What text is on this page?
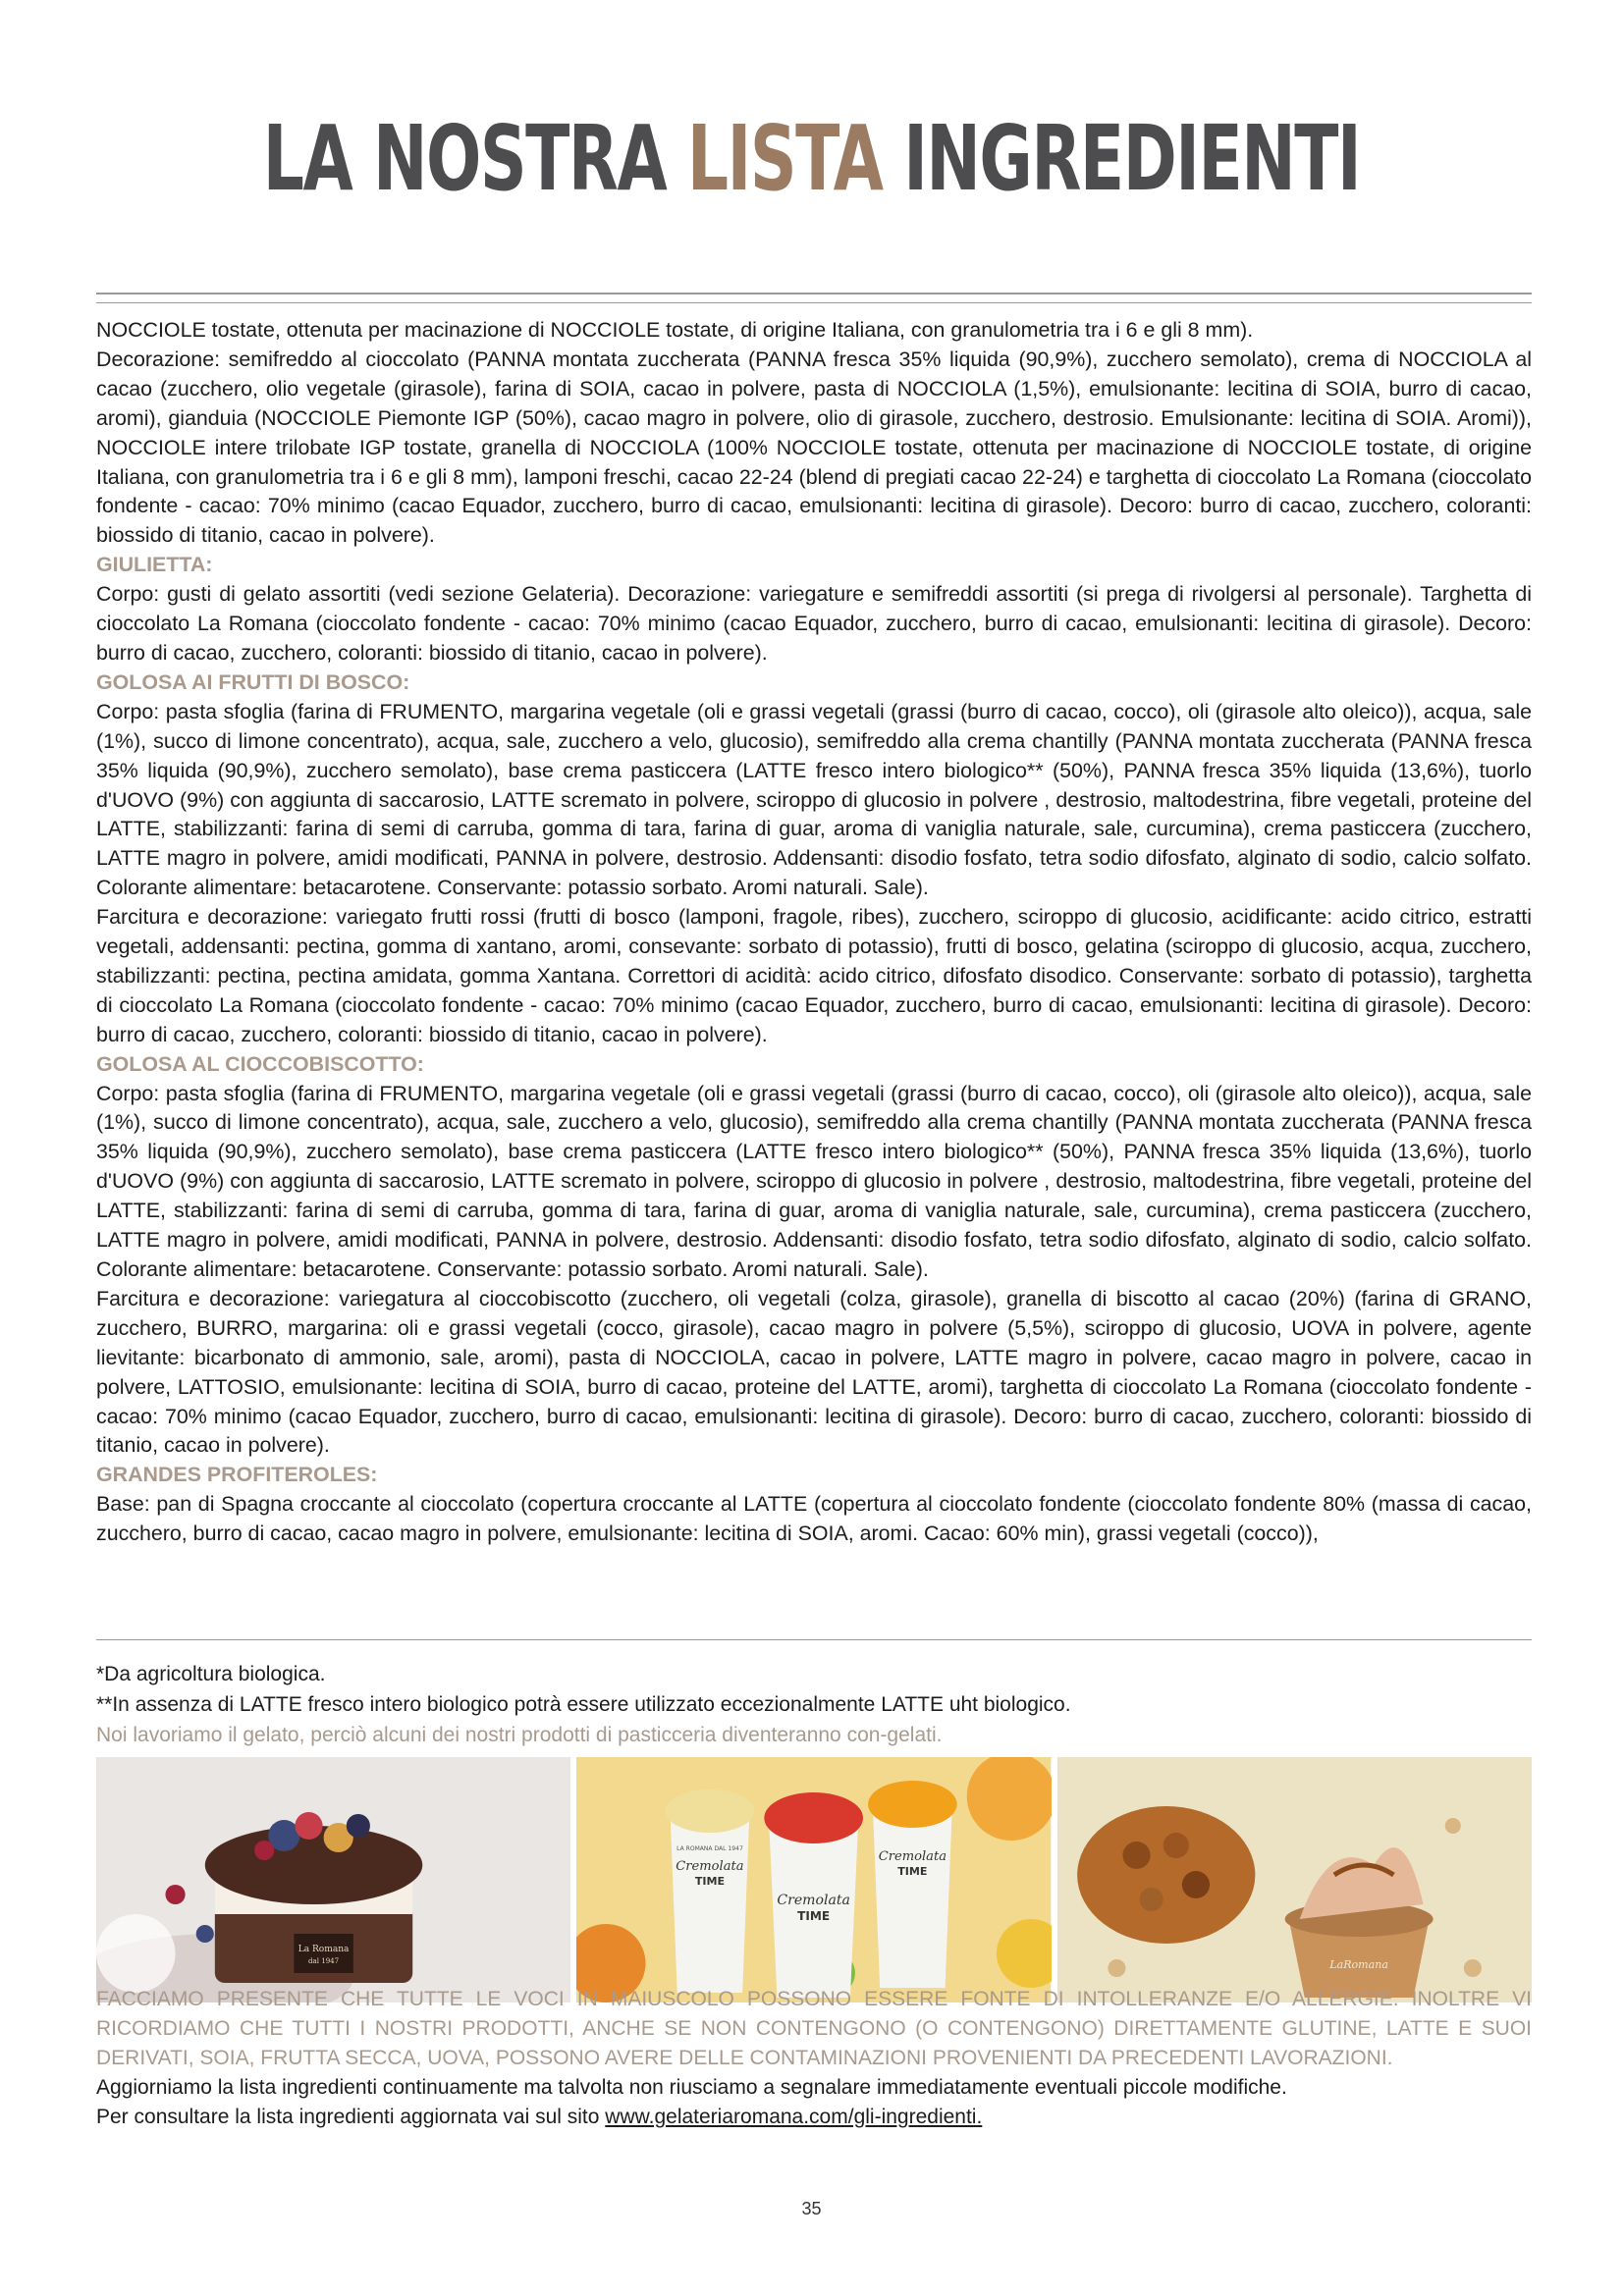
LA NOSTRA LISTA INGREDIENTI

NOCCIOLE tostate, ottenuta per macinazione di NOCCIOLE tostate, di origine Italiana, con granulometria tra i 6 e gli 8 mm).

Decorazione: semifreddo al cioccolato (PANNA montata zuccherata (PANNA fresca 35% liquida (90,9%), zucchero semolato), crema di NOCCIOLA al cacao (zucchero, olio vegetale (girasole), farina di SOIA, cacao in polvere, pasta di NOCCIOLA (1,5%), emulsionante: lecitina di SOIA, burro di cacao, aromi), gianduia (NOCCIOLE Piemonte IGP (50%), cacao magro in polvere, olio di girasole, zucchero, destrosio. Emulsionante: lecitina di SOIA. Aromi)), NOCCIOLE intere trilobate IGP tostate, granella di NOCCIOLA (100% NOCCIOLE tostate, ottenuta per macinazione di NOCCIOLE tostate, di origine Italiana, con granulometria tra i 6 e gli 8 mm), lamponi freschi, cacao 22-24 (blend di pregiati cacao 22-24) e targhetta di cioccolato La Romana (cioccolato fondente - cacao: 70% minimo (cacao Equador, zucchero, burro di cacao, emulsionanti: lecitina di girasole). Decoro: burro di cacao, zucchero, coloranti: biossido di titanio, cacao in polvere).

GIULIETTA:

Corpo: gusti di gelato assortiti (vedi sezione Gelateria). Decorazione: variegature e semifreddi assortiti (si prega di rivolgersi al personale). Targhetta di cioccolato La Romana (cioccolato fondente - cacao: 70% minimo (cacao Equador, zucchero, burro di cacao, emulsionanti: lecitina di girasole). Decoro: burro di cacao, zucchero, coloranti: biossido di titanio, cacao in polvere).

GOLOSA AI FRUTTI DI BOSCO:

Corpo: pasta sfoglia (farina di FRUMENTO, margarina vegetale (oli e grassi vegetali (grassi (burro di cacao, cocco), oli (girasole alto oleico)), acqua, sale (1%), succo di limone concentrato), acqua, sale, zucchero a velo, glucosio), semifreddo alla crema chantilly (PANNA montata zuccherata (PANNA fresca 35% liquida (90,9%), zucchero semolato), base crema pasticcera (LATTE fresco intero biologico** (50%), PANNA fresca 35% liquida (13,6%), tuorlo d'UOVO (9%) con aggiunta di saccarosio, LATTE scremato in polvere, sciroppo di glucosio in polvere , destrosio, maltodestrina, fibre vegetali, proteine del LATTE, stabilizzanti: farina di semi di carruba, gomma di tara, farina di guar, aroma di vaniglia naturale, sale, curcumina), crema pasticcera (zucchero, LATTE magro in polvere, amidi modificati, PANNA in polvere, destrosio. Addensanti: disodio fosfato, tetra sodio difosfato, alginato di sodio, calcio solfato. Colorante alimentare: betacarotene. Conservante: potassio sorbato. Aromi naturali. Sale).

Farcitura e decorazione: variegato frutti rossi (frutti di bosco (lamponi, fragole, ribes), zucchero, sciroppo di glucosio, acidificante: acido citrico, estratti vegetali, addensanti: pectina, gomma di xantano, aromi, consevante: sorbato di potassio), frutti di bosco, gelatina (sciroppo di glucosio, acqua, zucchero, stabilizzanti: pectina, pectina amidata, gomma Xantana. Correttori di acidità: acido citrico, difosfato disodico. Conservante: sorbato di potassio), targhetta di cioccolato La Romana (cioccolato fondente - cacao: 70% minimo (cacao Equador, zucchero, burro di cacao, emulsionanti: lecitina di girasole). Decoro: burro di cacao, zucchero, coloranti: biossido di titanio, cacao in polvere).

GOLOSA AL CIOCCOBISCOTTO:

Corpo: pasta sfoglia (farina di FRUMENTO, margarina vegetale (oli e grassi vegetali (grassi (burro di cacao, cocco), oli (girasole alto oleico)), acqua, sale (1%), succo di limone concentrato), acqua, sale, zucchero a velo, glucosio), semifreddo alla crema chantilly (PANNA montata zuccherata (PANNA fresca 35% liquida (90,9%), zucchero semolato), base crema pasticcera (LATTE fresco intero biologico** (50%), PANNA fresca 35% liquida (13,6%), tuorlo d'UOVO (9%) con aggiunta di saccarosio, LATTE scremato in polvere, sciroppo di glucosio in polvere , destrosio, maltodestrina, fibre vegetali, proteine del LATTE, stabilizzanti: farina di semi di carruba, gomma di tara, farina di guar, aroma di vaniglia naturale, sale, curcumina), crema pasticcera (zucchero, LATTE magro in polvere, amidi modificati, PANNA in polvere, destrosio. Addensanti: disodio fosfato, tetra sodio difosfato, alginato di sodio, calcio solfato. Colorante alimentare: betacarotene. Conservante: potassio sorbato. Aromi naturali. Sale).

Farcitura e decorazione: variegatura al cioccobiscotto (zucchero, oli vegetali (colza, girasole), granella di biscotto al cacao (20%) (farina di GRANO, zucchero, BURRO, margarina: oli e grassi vegetali (cocco, girasole), cacao magro in polvere (5,5%), sciroppo di glucosio, UOVA in polvere, agente lievitante: bicarbonato di ammonio, sale, aromi), pasta di NOCCIOLA, cacao in polvere, LATTE magro in polvere, cacao magro in polvere, cacao in polvere, LATTOSIO, emulsionante: lecitina di SOIA, burro di cacao, proteine del LATTE, aromi), targhetta di cioccolato La Romana (cioccolato fondente - cacao: 70% minimo (cacao Equador, zucchero, burro di cacao, emulsionanti: lecitina di girasole). Decoro: burro di cacao, zucchero, coloranti: biossido di titanio, cacao in polvere).

GRANDES PROFITEROLES:

Base: pan di Spagna croccante al cioccolato (copertura croccante al LATTE (copertura al cioccolato fondente (cioccolato fondente 80% (massa di cacao, zucchero, burro di cacao, cacao magro in polvere, emulsionante: lecitina di SOIA, aromi. Cacao: 60% min), grassi vegetali (cocco)),

*Da agricoltura biologica.

**In assenza di LATTE fresco intero biologico potrà essere utilizzato eccezionalmente LATTE uht biologico.

Noi lavoriamo il gelato, perciò alcuni dei nostri prodotti di pasticceria diventeranno con-gelati.

La Romana
dal 1947
LA ROMANA DAL 1947
Cremolata
TIME
Cremolata
TIME
Cremolata
TIME
LaRomana

FACCIAMO PRESENTE CHE TUTTE LE VOCI IN MAIUSCOLO POSSONO ESSERE FONTE DI INTOLLERANZE E/O ALLERGIE. INOLTRE VI RICORDIAMO CHE TUTTI I NOSTRI PRODOTTI, ANCHE SE NON CONTENGONO (O CONTENGONO) DIRETTAMENTE GLUTINE, LATTE E SUOI DERIVATI, SOIA, FRUTTA SECCA, UOVA, POSSONO AVERE DELLE CONTAMINAZIONI PROVENIENTI DA PRECEDENTI LAVORAZIONI.

Aggiorniamo la lista ingredienti continuamente ma talvolta non riusciamo a segnalare immediatamente eventuali piccole modifiche.

Per consultare la lista ingredienti aggiornata vai sul sito www.gelateriaromana.com/gli-ingredienti.

35
